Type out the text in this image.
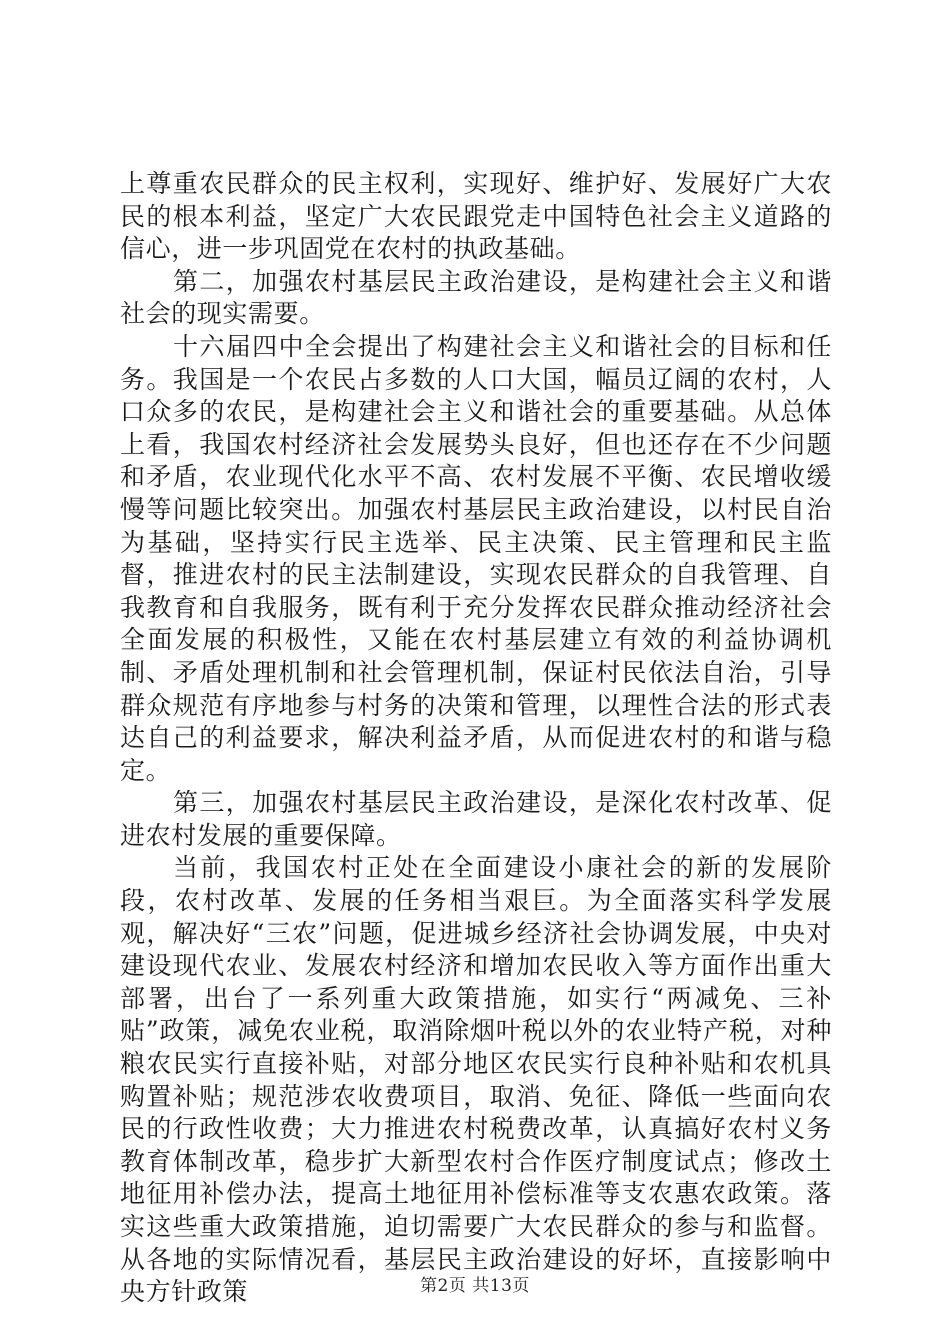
上尊重农民群众的民主权利，实现好、维护好、发展好广大农民的根本利益，坚定广大农民跟党走中国特色社会主义道路的信心，进一步巩固党在农村的执政基础。

第二，加强农村基层民主政治建设，是构建社会主义和谐社会的现实需要。

十六届四中全会提出了构建社会主义和谐社会的目标和任务。我国是一个农民占多数的人口大国，幅员辽阔的农村，人口众多的农民，是构建社会主义和谐社会的重要基础。从总体上看，我国农村经济社会发展势头良好，但也还存在不少问题和矛盾，农业现代化水平不高、农村发展不平衡、农民增收缓慢等问题比较突出。加强农村基层民主政治建设，以村民自治为基础，坚持实行民主选举、民主决策、民主管理和民主监督，推进农村的民主法制建设，实现农民群众的自我管理、自我教育和自我服务，既有利于充分发挥农民群众推动经济社会全面发展的积极性，又能在农村基层建立有效的利益协调机制、矛盾处理机制和社会管理机制，保证村民依法自治，引导群众规范有序地参与村务的决策和管理，以理性合法的形式表达自己的利益要求，解决利益矛盾，从而促进农村的和谐与稳定。

第三，加强农村基层民主政治建设，是深化农村改革、促进农村发展的重要保障。

当前，我国农村正处在全面建设小康社会的新的发展阶段，农村改革、发展的任务相当艰巨。为全面落实科学发展观，解决好“三农”问题，促进城乡经济社会协调发展，中央对建设现代农业、发展农村经济和增加农民收入等方面作出重大部署，出台了一系列重大政策措施，如实行“两减免、三补贴”政策，减免农业税，取消除烟叶税以外的农业特产税，对种粮农民实行直接补贴，对部分地区农民实行良种补贴和农机具购置补贴；规范涉农收费项目，取消、免征、降低一些面向农民的行政性收费；大力推进农村税费改革，认真搞好农村义务教育体制改革，稳步扩大新型农村合作医疗制度试点；修改土地征用补偿办法，提高土地征用补偿标准等支农惠农政策。落实这些重大政策措施，迫切需要广大农民群众的参与和监督。从各地的实际情况看，基层民主政治建设的好坏，直接影响中央方针政策	第2页 共13页
